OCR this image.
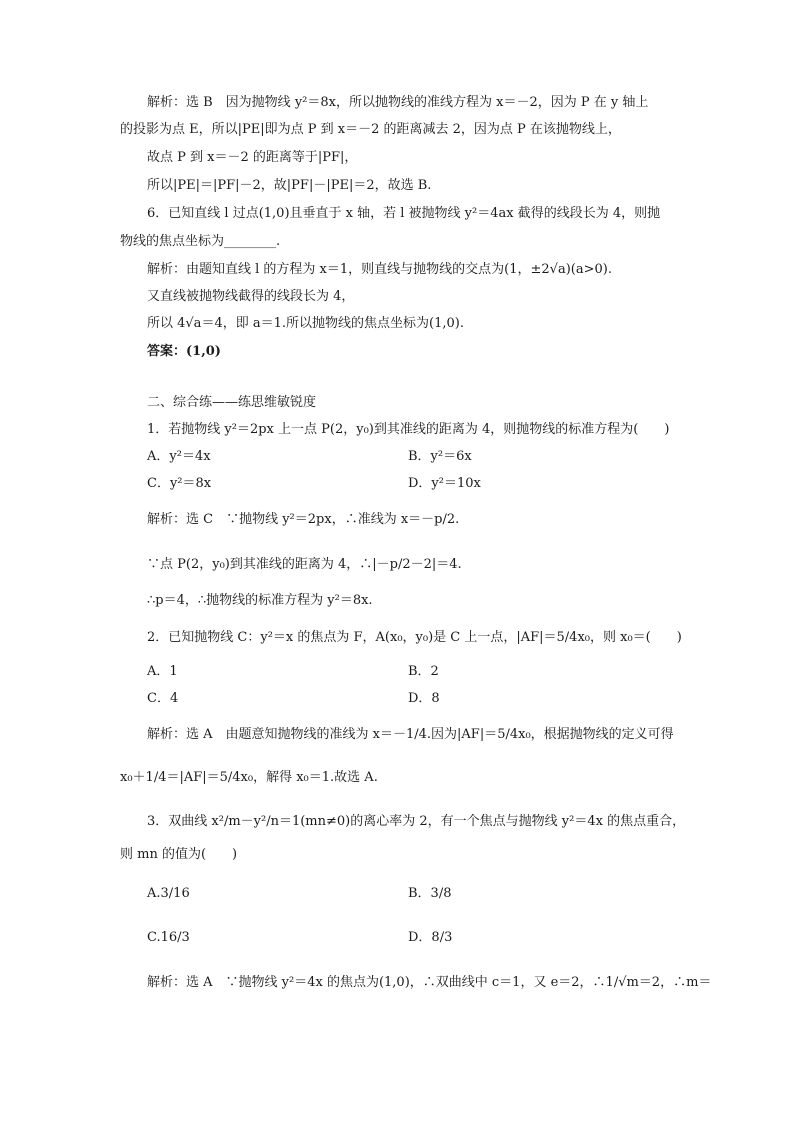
解析：选 B　因为抛物线 y²＝8x，所以抛物线的准线方程为 x＝－2，因为 P 在 y 轴上
的投影为点 E，所以|PE|即为点 P 到 x＝－2 的距离减去 2，因为点 P 在该抛物线上，
故点 P 到 x＝－2 的距离等于|PF|，
所以|PE|＝|PF|－2，故|PF|－|PE|＝2，故选 B.
6．已知直线 l 过点(1,0)且垂直于 x 轴，若 l 被抛物线 y²＝4ax 截得的线段长为 4，则抛
物线的焦点坐标为________.
解析：由题知直线 l 的方程为 x＝1，则直线与抛物线的交点为(1，±2√a)(a>0).
又直线被抛物线截得的线段长为 4，
所以 4√a＝4，即 a＝1.所以抛物线的焦点坐标为(1,0).
答案：(1,0)
二、综合练——练思维敏锐度
1．若抛物线 y²＝2px 上一点 P(2，y₀)到其准线的距离为 4，则抛物线的标准方程为(　　)
A．y²＝4x	B．y²＝6x
C．y²＝8x	D．y²＝10x
解析：选 C　∵抛物线 y²＝2px，∴准线为 x＝－p/2.
∵点 P(2，y₀)到其准线的距离为 4，∴|－p/2－2|＝4.
∴p＝4，∴抛物线的标准方程为 y²＝8x.
2．已知抛物线 C：y²＝x 的焦点为 F，A(x₀，y₀)是 C 上一点，|AF|＝5/4x₀，则 x₀＝(　　)
A．1	B．2
C．4	D．8
解析：选 A　由题意知抛物线的准线为 x＝－1/4.因为|AF|＝5/4x₀，根据抛物线的定义可得
x₀＋1/4＝|AF|＝5/4x₀，解得 x₀＝1.故选 A.
3．双曲线 x²/m－y²/n＝1(mn≠0)的离心率为 2，有一个焦点与抛物线 y²＝4x 的焦点重合，
则 mn 的值为(　　)
A.3/16	B．3/8
C.16/3	D．8/3
解析：选 A　∵抛物线 y²＝4x 的焦点为(1,0)，∴双曲线中 c＝1，又 e＝2，∴1/√m＝2，∴m＝
